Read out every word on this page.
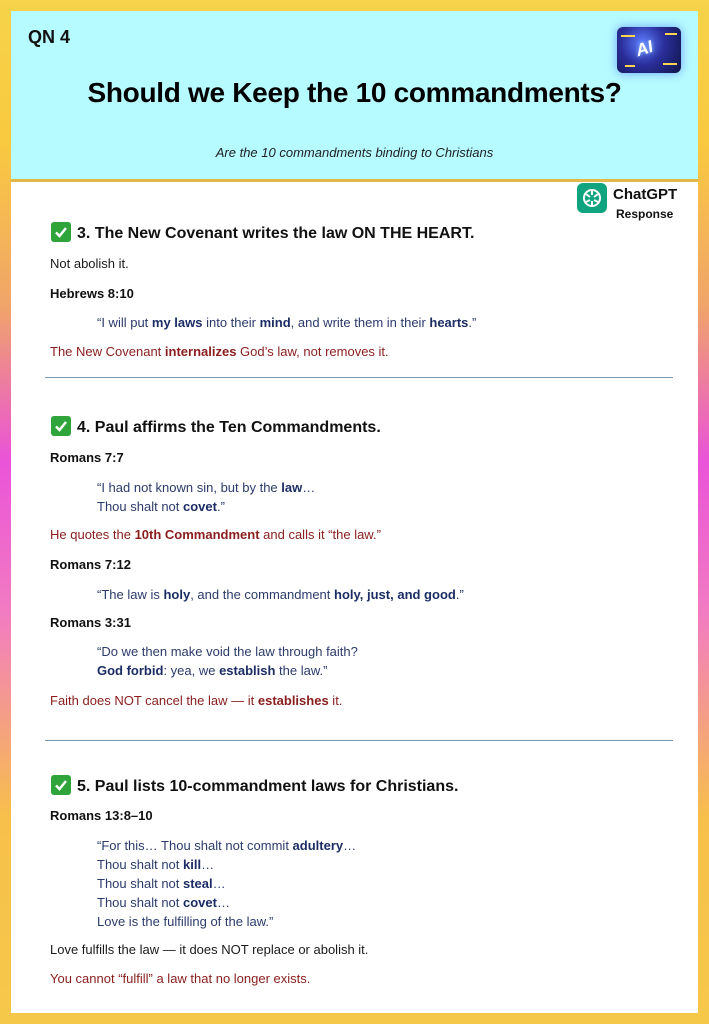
QN 4	AI
Should we Keep the 10 commandments?
Are the 10 commandments binding to Christians
ChatGPT
Response
3. The New Covenant writes the law ON THE HEART.
Not abolish it.
Hebrews 8:10
“I will put my laws into their mind, and write them in their hearts.”
The New Covenant internalizes God’s law, not removes it.
4. Paul affirms the Ten Commandments.
Romans 7:7
“I had not known sin, but by the law…
Thou shalt not covet.”
He quotes the 10th Commandment and calls it “the law.”
Romans 7:12
“The law is holy, and the commandment holy, just, and good.”
Romans 3:31
“Do we then make void the law through faith?
God forbid: yea, we establish the law.”
Faith does NOT cancel the law — it establishes it.
5. Paul lists 10-commandment laws for Christians.
Romans 13:8–10
“For this… Thou shalt not commit adultery…
Thou shalt not kill…
Thou shalt not steal…
Thou shalt not covet…
Love is the fulfilling of the law.”
Love fulfills the law — it does NOT replace or abolish it.
You cannot “fulfill” a law that no longer exists.
